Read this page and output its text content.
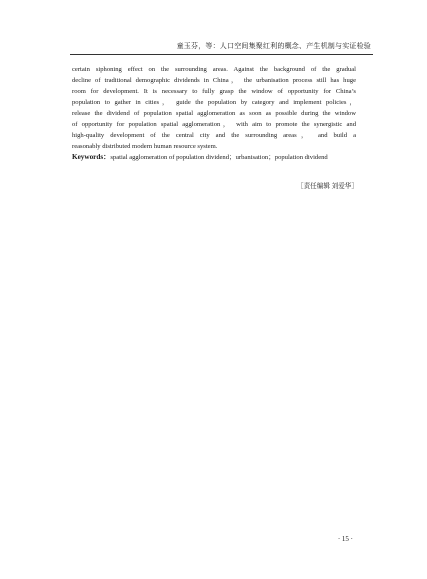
童玉芬，等：人口空间集聚红利的概念、产生机制与实证检验
certain siphoning effect on the surrounding areas. Against the background of the gradual
decline of traditional demographic dividends in China， the urbanisation process still has huge
room for development. It is necessary to fully grasp the window of opportunity for China’s
population to gather in cities， guide the population by category and implement policies，
release the dividend of population spatial agglomeration as soon as possible during the window
of opportunity for population spatial agglomeration， with aim to promote the synergistic and
high-quality development of the central city and the surrounding areas， and build a
reasonably distributed modern human resource system.
Keywords：spatial agglomeration of population dividend；urbanisation；population dividend
［责任编辑 刘爱华］
· 15 ·
